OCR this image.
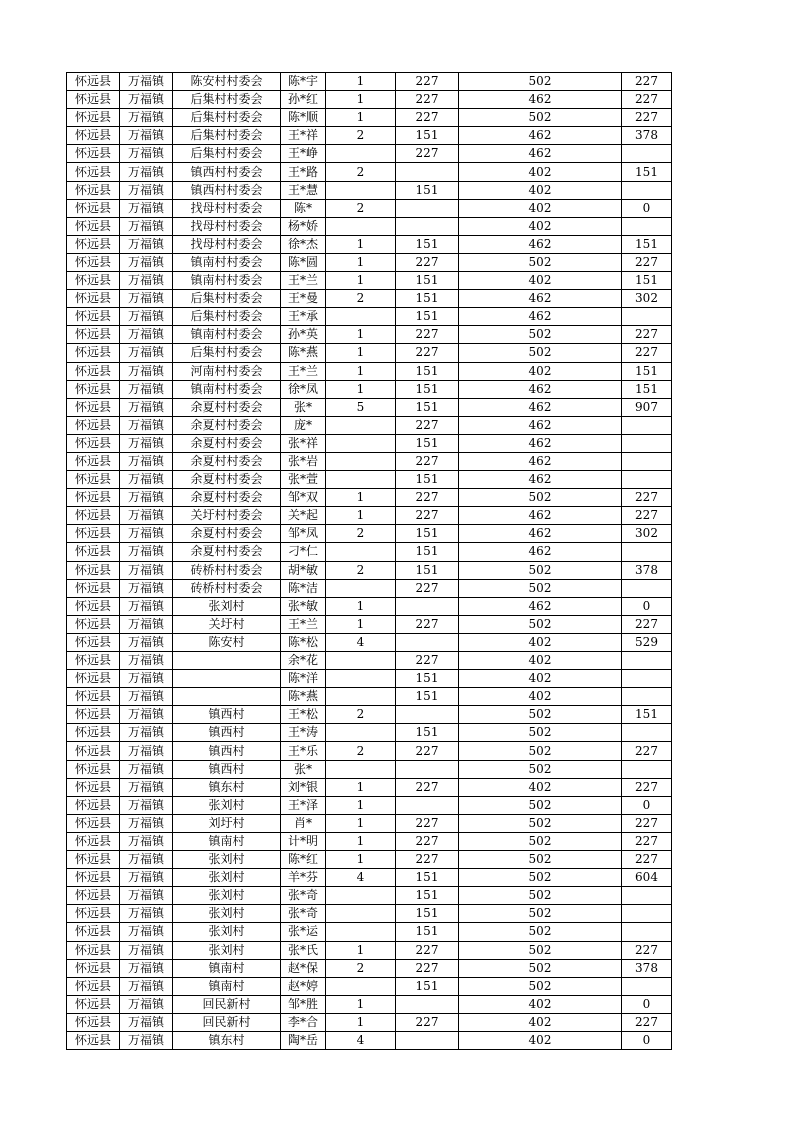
怀远县	万福镇	陈安村村委会	陈*宇	1	227	502	227
怀远县	万福镇	后集村村委会	孙*红	1	227	462	227
怀远县	万福镇	后集村村委会	陈*顺	1	227	502	227
怀远县	万福镇	后集村村委会	王*祥	2	151	462	378
怀远县	万福镇	后集村村委会	王*峥		227	462	
怀远县	万福镇	镇西村村委会	王*路	2		402	151
怀远县	万福镇	镇西村村委会	王*慧		151	402	
怀远县	万福镇	找母村村委会	陈*	2		402	0
怀远县	万福镇	找母村村委会	杨*娇			402	
怀远县	万福镇	找母村村委会	徐*杰	1	151	462	151
怀远县	万福镇	镇南村村委会	陈*圆	1	227	502	227
怀远县	万福镇	镇南村村委会	王*兰	1	151	402	151
怀远县	万福镇	后集村村委会	王*曼	2	151	462	302
怀远县	万福镇	后集村村委会	王*承		151	462	
怀远县	万福镇	镇南村村委会	孙*英	1	227	502	227
怀远县	万福镇	后集村村委会	陈*燕	1	227	502	227
怀远县	万福镇	河南村村委会	王*兰	1	151	402	151
怀远县	万福镇	镇南村村委会	徐*凤	1	151	462	151
怀远县	万福镇	余夏村村委会	张*	5	151	462	907
怀远县	万福镇	余夏村村委会	庞*		227	462	
怀远县	万福镇	余夏村村委会	张*祥		151	462	
怀远县	万福镇	余夏村村委会	张*岩		227	462	
怀远县	万福镇	余夏村村委会	张*萱		151	462	
怀远县	万福镇	余夏村村委会	邹*双	1	227	502	227
怀远县	万福镇	关圩村村委会	关*起	1	227	462	227
怀远县	万福镇	余夏村村委会	邹*凤	2	151	462	302
怀远县	万福镇	余夏村村委会	刁*仁		151	462	
怀远县	万福镇	砖桥村村委会	胡*敏	2	151	502	378
怀远县	万福镇	砖桥村村委会	陈*洁		227	502	
怀远县	万福镇	张刘村	张*敏	1		462	0
怀远县	万福镇	关圩村	王*兰	1	227	502	227
怀远县	万福镇	陈安村	陈*松	4		402	529
怀远县	万福镇		余*花		227	402	
怀远县	万福镇		陈*洋		151	402	
怀远县	万福镇		陈*燕		151	402	
怀远县	万福镇	镇西村	王*松	2		502	151
怀远县	万福镇	镇西村	王*涛		151	502	
怀远县	万福镇	镇西村	王*乐	2	227	502	227
怀远县	万福镇	镇西村	张*			502	
怀远县	万福镇	镇东村	刘*银	1	227	402	227
怀远县	万福镇	张刘村	王*泽	1		502	0
怀远县	万福镇	刘圩村	肖*	1	227	502	227
怀远县	万福镇	镇南村	计*明	1	227	502	227
怀远县	万福镇	张刘村	陈*红	1	227	502	227
怀远县	万福镇	张刘村	羊*芬	4	151	502	604
怀远县	万福镇	张刘村	张*奇		151	502	
怀远县	万福镇	张刘村	张*奇		151	502	
怀远县	万福镇	张刘村	张*运		151	502	
怀远县	万福镇	张刘村	张*氏	1	227	502	227
怀远县	万福镇	镇南村	赵*保	2	227	502	378
怀远县	万福镇	镇南村	赵*婷		151	502	
怀远县	万福镇	回民新村	邹*胜	1		402	0
怀远县	万福镇	回民新村	李*合	1	227	402	227
怀远县	万福镇	镇东村	陶*岳	4		402	0
